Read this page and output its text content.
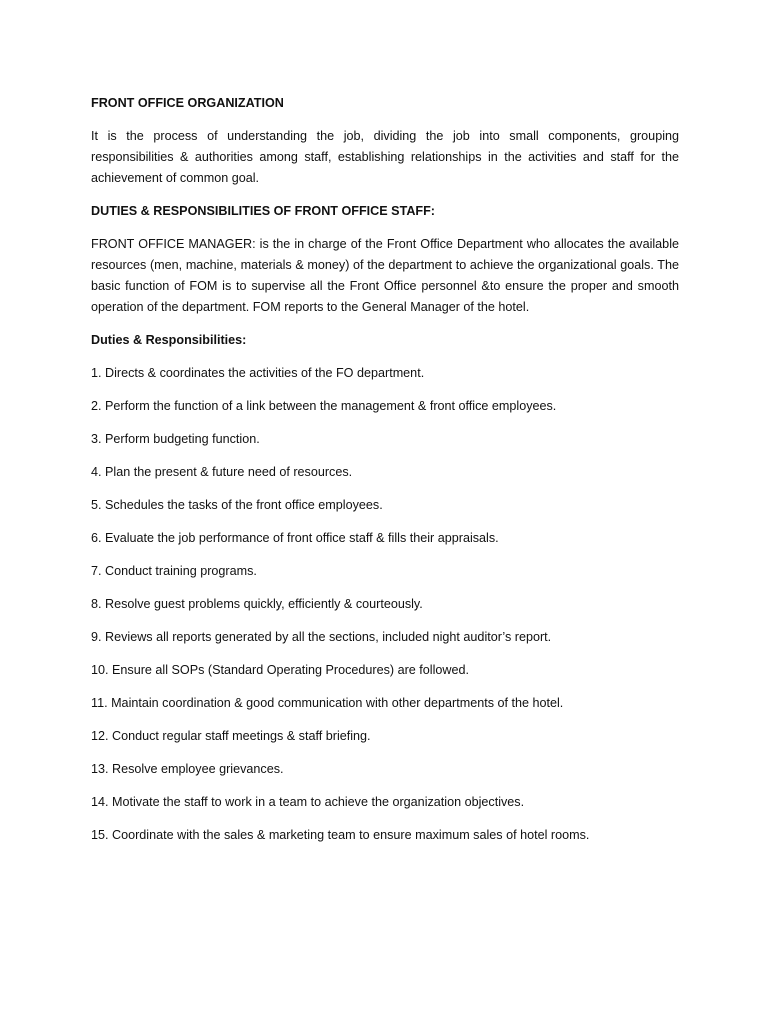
FRONT OFFICE ORGANIZATION

It is the process of understanding the job, dividing the job into small components, grouping responsibilities & authorities among staff, establishing relationships in the activities and staff for the achievement of common goal.

DUTIES & RESPONSIBILITIES OF FRONT OFFICE STAFF:

FRONT OFFICE MANAGER: is the in charge of the Front Office Department who allocates the available resources (men, machine, materials & money) of the department to achieve the organizational goals. The basic function of FOM is to supervise all the Front Office personnel &to ensure the proper and smooth operation of the department. FOM reports to the General Manager of the hotel.

Duties & Responsibilities:

1. Directs & coordinates the activities of the FO department.

2. Perform the function of a link between the management & front office employees.

3. Perform budgeting function.

4. Plan the present & future need of resources.

5. Schedules the tasks of the front office employees.

6. Evaluate the job performance of front office staff & fills their appraisals.

7. Conduct training programs.

8. Resolve guest problems quickly, efficiently & courteously.

9. Reviews all reports generated by all the sections, included night auditor’s report.

10. Ensure all SOPs (Standard Operating Procedures) are followed.

11. Maintain coordination & good communication with other departments of the hotel.

12. Conduct regular staff meetings & staff briefing.

13. Resolve employee grievances.

14. Motivate the staff to work in a team to achieve the organization objectives.

15. Coordinate with the sales & marketing team to ensure maximum sales of hotel rooms.
